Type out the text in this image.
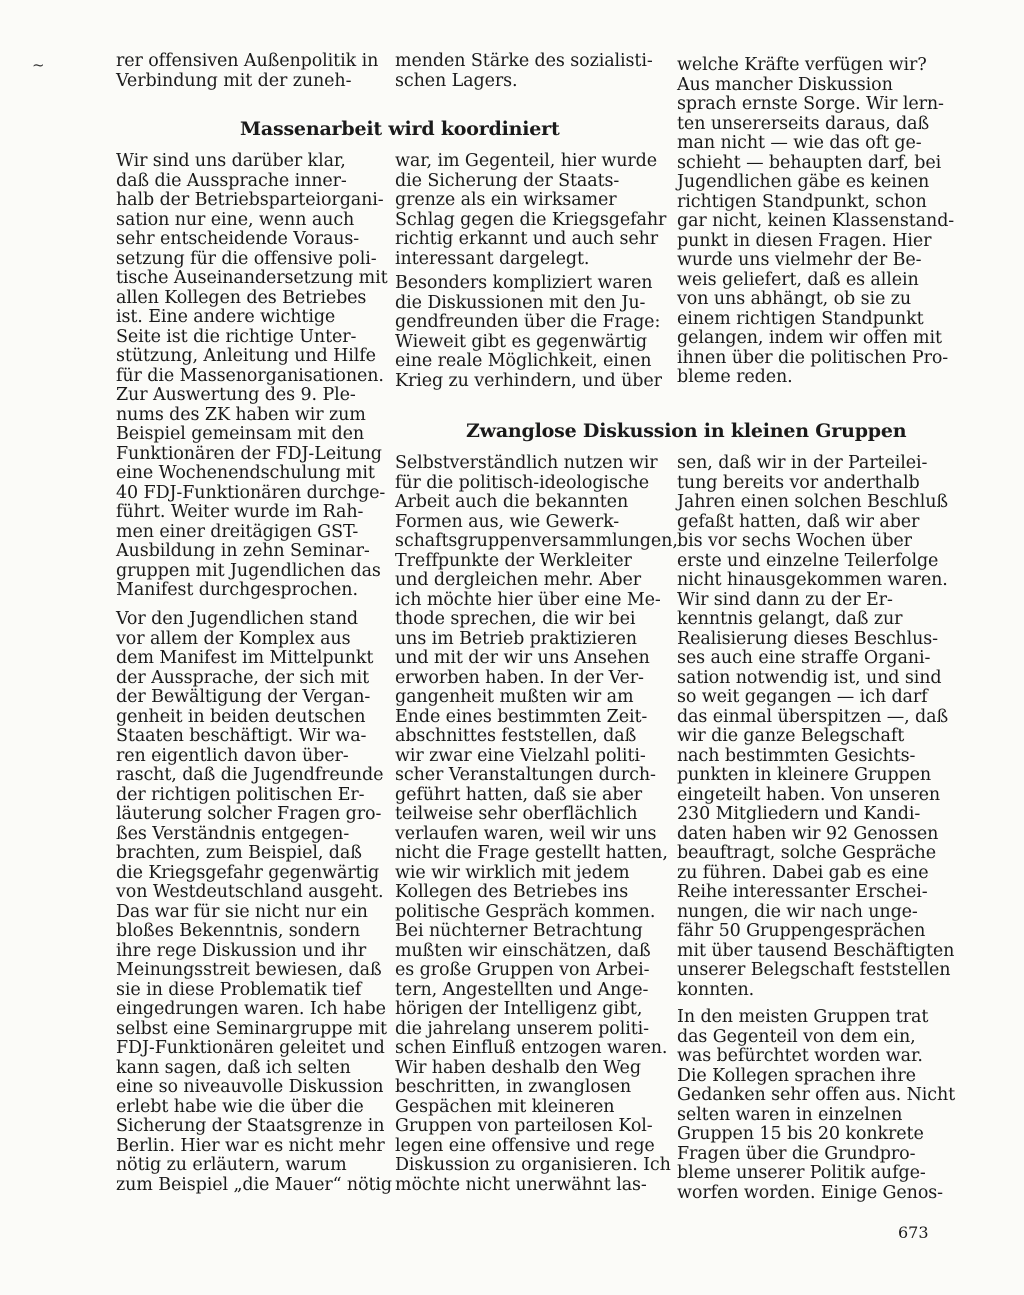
~	rer offensiven Außenpolitik in

Verbindung mit der zuneh-

Massenarbeit wird koordiniert

Wir sind uns darüber klar,

daß die Aussprache inner-

halb der Betriebsparteiorgani-

sation nur eine, wenn auch

sehr entscheidende Voraus-

setzung für die offensive poli-

tische Auseinandersetzung mit

allen Kollegen des Betriebes

ist. Eine andere wichtige

Seite ist die richtige Unter-

stützung, Anleitung und Hilfe

für die Massenorganisationen.

Zur Auswertung des 9. Ple-

nums des ZK haben wir zum

Beispiel gemeinsam mit den

Funktionären der FDJ-Leitung

eine Wochenendschulung mit

40 FDJ-Funktionären durchge-

führt. Weiter wurde im Rah-

men einer dreitägigen GST-

Ausbildung in zehn Seminar-

gruppen mit Jugendlichen das

Manifest durchgesprochen.

Vor den Jugendlichen stand

vor allem der Komplex aus

dem Manifest im Mittelpunkt

der Aussprache, der sich mit

der Bewältigung der Vergan-

genheit in beiden deutschen

Staaten beschäftigt. Wir wa-

ren eigentlich davon über-

rascht, daß die Jugendfreunde

der richtigen politischen Er-

läuterung solcher Fragen gro-

ßes Verständnis entgegen-

brachten, zum Beispiel, daß

die Kriegsgefahr gegenwärtig

von Westdeutschland ausgeht.

Das war für sie nicht nur ein

bloßes Bekenntnis, sondern

ihre rege Diskussion und ihr

Meinungsstreit bewiesen, daß

sie in diese Problematik tief

eingedrungen waren. Ich habe

selbst eine Seminargruppe mit

FDJ-Funktionären geleitet und

kann sagen, daß ich selten

eine so niveauvolle Diskussion

erlebt habe wie die über die

Sicherung der Staatsgrenze in

Berlin. Hier war es nicht mehr

nötig zu erläutern, warum

zum Beispiel „die Mauer“ nötig

menden Stärke des sozialisti-

schen Lagers.

war, im Gegenteil, hier wurde

die Sicherung der Staats-

grenze als ein wirksamer

Schlag gegen die Kriegsgefahr

richtig erkannt und auch sehr

interessant dargelegt.

Besonders kompliziert waren

die Diskussionen mit den Ju-

gendfreunden über die Frage:

Wieweit gibt es gegenwärtig

eine reale Möglichkeit, einen

Krieg zu verhindern, und über

Zwanglose Diskussion in kleinen Gruppen

Selbstverständlich nutzen wir

für die politisch-ideologische

Arbeit auch die bekannten

Formen aus, wie Gewerk-

schaftsgruppenversammlungen,

Treffpunkte der Werkleiter

und dergleichen mehr. Aber

ich möchte hier über eine Me-

thode sprechen, die wir bei

uns im Betrieb praktizieren

und mit der wir uns Ansehen

erworben haben. In der Ver-

gangenheit mußten wir am

Ende eines bestimmten Zeit-

abschnittes feststellen, daß

wir zwar eine Vielzahl politi-

scher Veranstaltungen durch-

geführt hatten, daß sie aber

teilweise sehr oberflächlich

verlaufen waren, weil wir uns

nicht die Frage gestellt hatten,

wie wir wirklich mit jedem

Kollegen des Betriebes ins

politische Gespräch kommen.

Bei nüchterner Betrachtung

mußten wir einschätzen, daß

es große Gruppen von Arbei-

tern, Angestellten und Ange-

hörigen der Intelligenz gibt,

die jahrelang unserem politi-

schen Einfluß entzogen waren.

Wir haben deshalb den Weg

beschritten, in zwanglosen

Gespächen mit kleineren

Gruppen von parteilosen Kol-

legen eine offensive und rege

Diskussion zu organisieren. Ich

möchte nicht unerwähnt las-

welche Kräfte verfügen wir?

Aus mancher Diskussion

sprach ernste Sorge. Wir lern-

ten unsererseits daraus, daß

man nicht — wie das oft ge-

schieht — behaupten darf, bei

Jugendlichen gäbe es keinen

richtigen Standpunkt, schon

gar nicht, keinen Klassenstand-

punkt in diesen Fragen. Hier

wurde uns vielmehr der Be-

weis geliefert, daß es allein

von uns abhängt, ob sie zu

einem richtigen Standpunkt

gelangen, indem wir offen mit

ihnen über die politischen Pro-

bleme reden.

sen, daß wir in der Parteilei-

tung bereits vor anderthalb

Jahren einen solchen Beschluß

gefaßt hatten, daß wir aber

bis vor sechs Wochen über

erste und einzelne Teilerfolge

nicht hinausgekommen waren.

Wir sind dann zu der Er-

kenntnis gelangt, daß zur

Realisierung dieses Beschlus-

ses auch eine straffe Organi-

sation notwendig ist, und sind

so weit gegangen — ich darf

das einmal überspitzen —, daß

wir die ganze Belegschaft

nach bestimmten Gesichts-

punkten in kleinere Gruppen

eingeteilt haben. Von unseren

230 Mitgliedern und Kandi-

daten haben wir 92 Genossen

beauftragt, solche Gespräche

zu führen. Dabei gab es eine

Reihe interessanter Erschei-

nungen, die wir nach unge-

fähr 50 Gruppengesprächen

mit über tausend Beschäftigten

unserer Belegschaft feststellen

konnten.

In den meisten Gruppen trat

das Gegenteil von dem ein,

was befürchtet worden war.

Die Kollegen sprachen ihre

Gedanken sehr offen aus. Nicht

selten waren in einzelnen

Gruppen 15 bis 20 konkrete

Fragen über die Grundpro-

bleme unserer Politik aufge-

worfen worden. Einige Genos-

673
